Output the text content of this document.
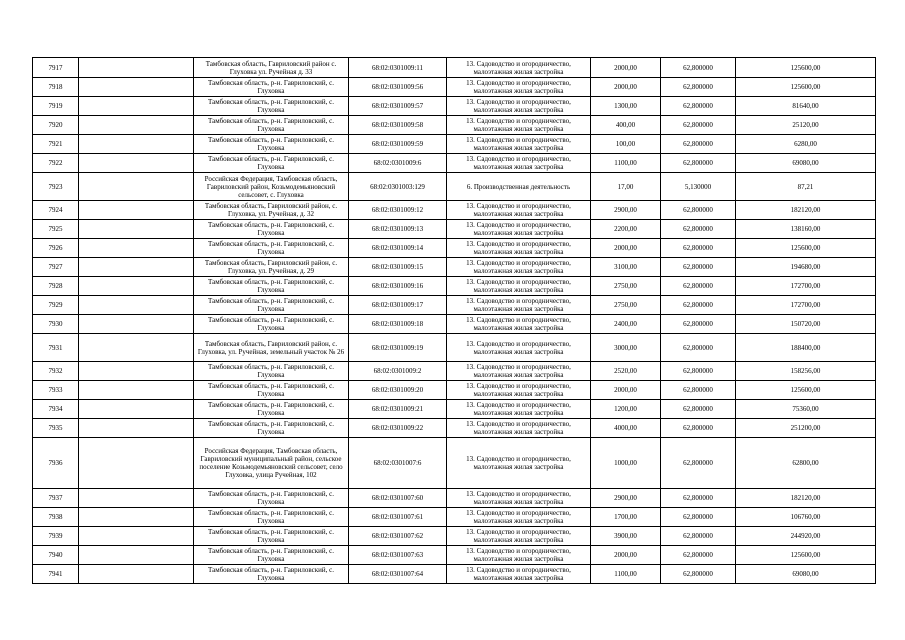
7917		Тамбовская область, Гавриловский район с. Глуховка ул. Ручейная д. 33	68:02:0301009:11	13. Садоводство и огородничество, малоэтажная жилая застройка	2000,00	62,800000	125600,00
7918		Тамбовская область, р-н. Гавриловский, с. Глуховка	68:02:0301009:56	13. Садоводство и огородничество, малоэтажная жилая застройка	2000,00	62,800000	125600,00
7919		Тамбовская область, р-н. Гавриловский, с. Глуховка	68:02:0301009:57	13. Садоводство и огородничество, малоэтажная жилая застройка	1300,00	62,800000	81640,00
7920		Тамбовская область, р-н. Гавриловский, с. Глуховка	68:02:0301009:58	13. Садоводство и огородничество, малоэтажная жилая застройка	400,00	62,800000	25120,00
7921		Тамбовская область, р-н. Гавриловский, с. Глуховка	68:02:0301009:59	13. Садоводство и огородничество, малоэтажная жилая застройка	100,00	62,800000	6280,00
7922		Тамбовская область, р-н. Гавриловский, с. Глуховка	68:02:0301009:6	13. Садоводство и огородничество, малоэтажная жилая застройка	1100,00	62,800000	69080,00
7923		Российская Федерация, Тамбовская область, Гавриловский район, Козьмодемьяновский сельсовет, с. Глуховка	68:02:0301003:129	6. Производственная деятельность	17,00	5,130000	87,21
7924		Тамбовская область, Гавриловский район, с. Глуховка, ул. Ручейная, д. 32	68:02:0301009:12	13. Садоводство и огородничество, малоэтажная жилая застройка	2900,00	62,800000	182120,00
7925		Тамбовская область, р-н. Гавриловский, с. Глуховка	68:02:0301009:13	13. Садоводство и огородничество, малоэтажная жилая застройка	2200,00	62,800000	138160,00
7926		Тамбовская область, р-н. Гавриловский, с. Глуховка	68:02:0301009:14	13. Садоводство и огородничество, малоэтажная жилая застройка	2000,00	62,800000	125600,00
7927		Тамбовская область, Гавриловский район, с. Глуховка, ул. Ручейная, д. 29	68:02:0301009:15	13. Садоводство и огородничество, малоэтажная жилая застройка	3100,00	62,800000	194680,00
7928		Тамбовская область, р-н. Гавриловский, с. Глуховка	68:02:0301009:16	13. Садоводство и огородничество, малоэтажная жилая застройка	2750,00	62,800000	172700,00
7929		Тамбовская область, р-н. Гавриловский, с. Глуховка	68:02:0301009:17	13. Садоводство и огородничество, малоэтажная жилая застройка	2750,00	62,800000	172700,00
7930		Тамбовская область, р-н. Гавриловский, с. Глуховка	68:02:0301009:18	13. Садоводство и огородничество, малоэтажная жилая застройка	2400,00	62,800000	150720,00
7931		Тамбовская область, Гавриловский район, с. Глуховка, ул. Ручейная, земельный участок № 26	68:02:0301009:19	13. Садоводство и огородничество, малоэтажная жилая застройка	3000,00	62,800000	188400,00
7932		Тамбовская область, р-н. Гавриловский, с. Глуховка	68:02:0301009:2	13. Садоводство и огородничество, малоэтажная жилая застройка	2520,00	62,800000	158256,00
7933		Тамбовская область, р-н. Гавриловский, с. Глуховка	68:02:0301009:20	13. Садоводство и огородничество, малоэтажная жилая застройка	2000,00	62,800000	125600,00
7934		Тамбовская область, р-н. Гавриловский, с. Глуховка	68:02:0301009:21	13. Садоводство и огородничество, малоэтажная жилая застройка	1200,00	62,800000	75360,00
7935		Тамбовская область, р-н. Гавриловский, с. Глуховка	68:02:0301009:22	13. Садоводство и огородничество, малоэтажная жилая застройка	4000,00	62,800000	251200,00
7936		Российская Федерация, Тамбовская область, Гавриловский муниципальный район, сельское поселение Козьмодемьяновский сельсовет, село Глуховка, улица Ручейная, 102	68:02:0301007:6	13. Садоводство и огородничество, малоэтажная жилая застройка	1000,00	62,800000	62800,00
7937		Тамбовская область, р-н. Гавриловский, с. Глуховка	68:02:0301007:60	13. Садоводство и огородничество, малоэтажная жилая застройка	2900,00	62,800000	182120,00
7938		Тамбовская область, р-н. Гавриловский, с. Глуховка	68:02:0301007:61	13. Садоводство и огородничество, малоэтажная жилая застройка	1700,00	62,800000	106760,00
7939		Тамбовская область, р-н. Гавриловский, с. Глуховка	68:02:0301007:62	13. Садоводство и огородничество, малоэтажная жилая застройка	3900,00	62,800000	244920,00
7940		Тамбовская область, р-н. Гавриловский, с. Глуховка	68:02:0301007:63	13. Садоводство и огородничество, малоэтажная жилая застройка	2000,00	62,800000	125600,00
7941		Тамбовская область, р-н. Гавриловский, с. Глуховка	68:02:0301007:64	13. Садоводство и огородничество, малоэтажная жилая застройка	1100,00	62,800000	69080,00
